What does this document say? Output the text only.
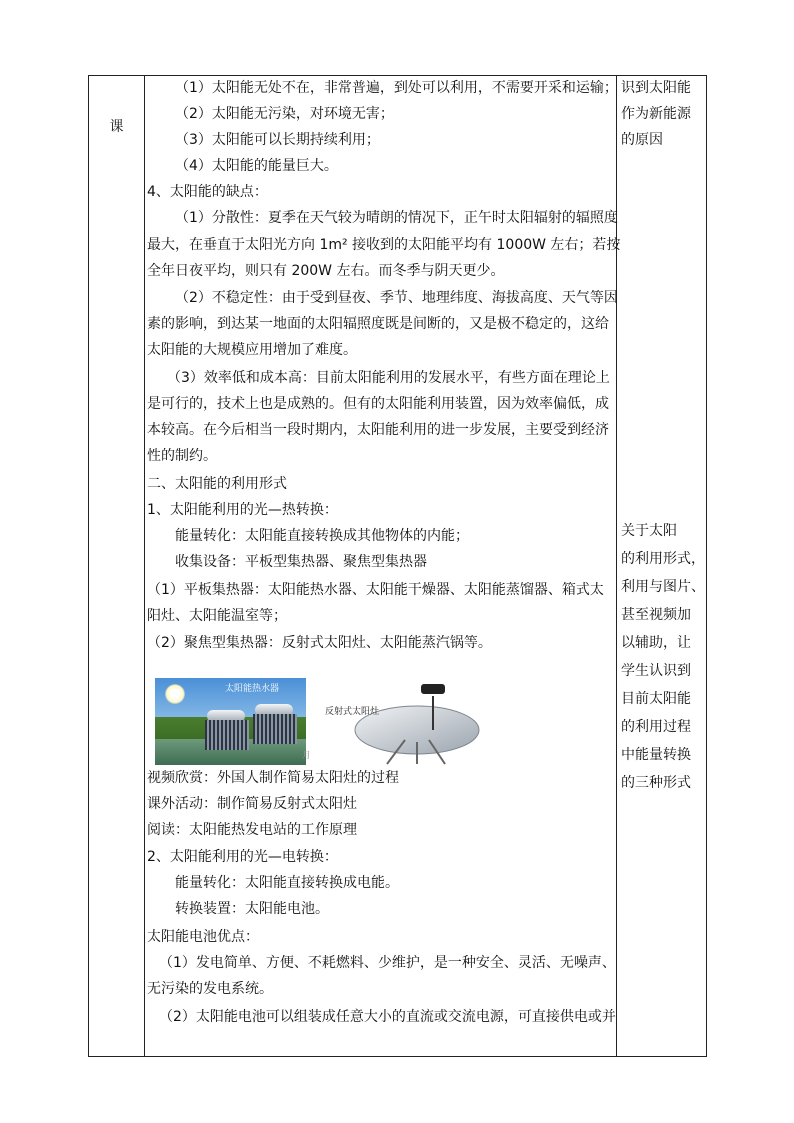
课
太阳能热水器
反射式太阳灶
月
（1）太阳能无处不在，非常普遍，到处可以利用，不需要开采和运输；
（2）太阳能无污染，对环境无害；
（3）太阳能可以长期持续利用；
（4）太阳能的能量巨大。
4、太阳能的缺点：
（1）分散性：夏季在天气较为晴朗的情况下，正午时太阳辐射的辐照度
最大，在垂直于太阳光方向 1m² 接收到的太阳能平均有 1000W 左右；若按
全年日夜平均，则只有 200W 左右。而冬季与阴天更少。
（2）不稳定性：由于受到昼夜、季节、地理纬度、海拔高度、天气等因
素的影响，到达某一地面的太阳辐照度既是间断的，又是极不稳定的，这给
太阳能的大规模应用增加了难度。
（3）效率低和成本高：目前太阳能利用的发展水平，有些方面在理论上
是可行的，技术上也是成熟的。但有的太阳能利用装置，因为效率偏低，成
本较高。在今后相当一段时期内，太阳能利用的进一步发展，主要受到经济
性的制约。
二、太阳能的利用形式
1、太阳能利用的光—热转换：
能量转化：太阳能直接转换成其他物体的内能；
收集设备：平板型集热器、聚焦型集热器
（1）平板集热器：太阳能热水器、太阳能干燥器、太阳能蒸馏器、箱式太
阳灶、太阳能温室等；
（2）聚焦型集热器：反射式太阳灶、太阳能蒸汽锅等。
视频欣赏：外国人制作简易太阳灶的过程
课外活动：制作简易反射式太阳灶
阅读：太阳能热发电站的工作原理
2、太阳能利用的光—电转换：
能量转化：太阳能直接转换成电能。
转换装置：太阳能电池。
太阳能电池优点：
（1）发电简单、方便、不耗燃料、少维护，是一种安全、灵活、无噪声、
无污染的发电系统。
（2）太阳能电池可以组装成任意大小的直流或交流电源，可直接供电或并
识到太阳能
作为新能源
的原因
关于太阳
的利用形式，
利用与图片、
甚至视频加
以辅助，让
学生认识到
目前太阳能
的利用过程
中能量转换
的三种形式
